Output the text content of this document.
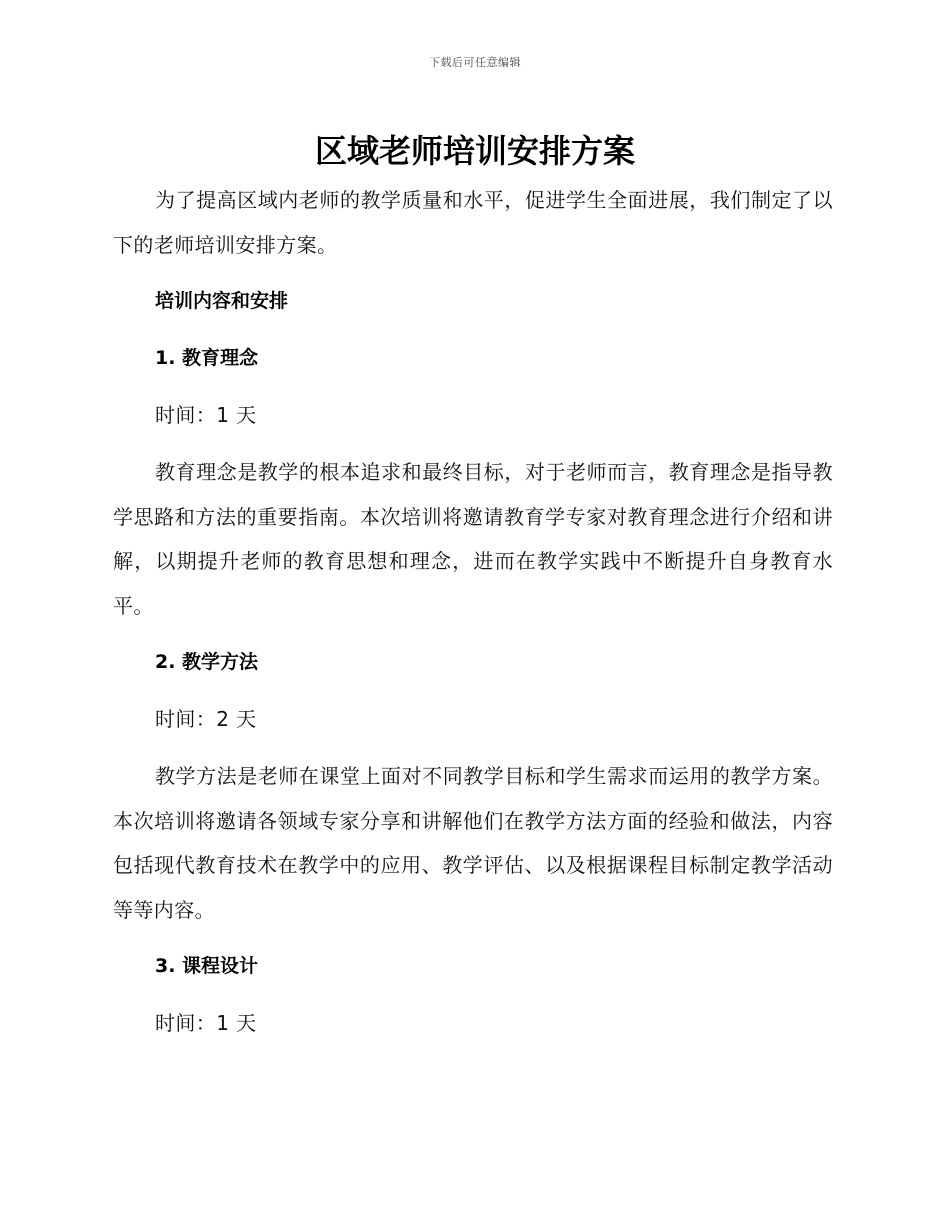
下载后可任意编辑
区域老师培训安排方案

为了提高区域内老师的教学质量和水平，促进学生全面进展，我们制定了以下的老师培训安排方案。

培训内容和安排
1. 教育理念
时间：1 天

教育理念是教学的根本追求和最终目标，对于老师而言，教育理念是指导教学思路和方法的重要指南。本次培训将邀请教育学专家对教育理念进行介绍和讲解，以期提升老师的教育思想和理念，进而在教学实践中不断提升自身教育水平。

2. 教学方法
时间：2 天

教学方法是老师在课堂上面对不同教学目标和学生需求而运用的教学方案。本次培训将邀请各领域专家分享和讲解他们在教学方法方面的经验和做法，内容包括现代教育技术在教学中的应用、教学评估、以及根据课程目标制定教学活动等等内容。

3. 课程设计
时间：1 天
